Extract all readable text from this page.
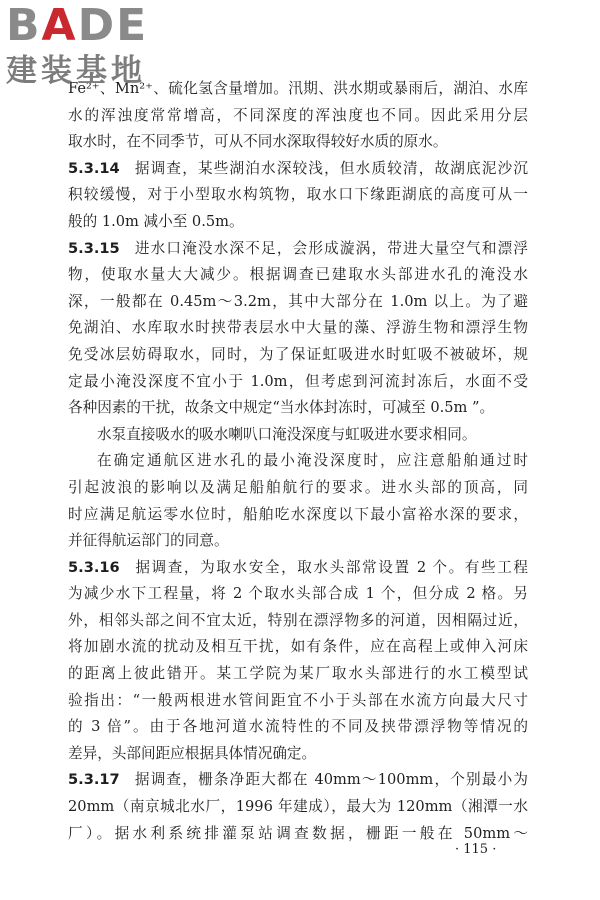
BADE
建装基地
Fe²⁺、Mn²⁺、硫化氢含量增加。汛期、洪水期或暴雨后，湖泊、水库
水的浑浊度常常增高，不同深度的浑浊度也不同。因此采用分层
取水时，在不同季节，可从不同水深取得较好水质的原水。
5.3.14 据调查，某些湖泊水深较浅，但水质较清，故湖底泥沙沉
积较缓慢，对于小型取水构筑物，取水口下缘距湖底的高度可从一
般的 1.0m 减小至 0.5m。
5.3.15 进水口淹没水深不足，会形成漩涡，带进大量空气和漂浮
物，使取水量大大减少。根据调查已建取水头部进水孔的淹没水
深，一般都在 0.45m～3.2m，其中大部分在 1.0m 以上。为了避
免湖泊、水库取水时挟带表层水中大量的藻、浮游生物和漂浮生物
免受冰层妨碍取水，同时，为了保证虹吸进水时虹吸不被破坏，规
定最小淹没深度不宜小于 1.0m，但考虑到河流封冻后，水面不受
各种因素的干扰，故条文中规定“当水体封冻时，可减至 0.5m ”。
水泵直接吸水的吸水喇叭口淹没深度与虹吸进水要求相同。
在确定通航区进水孔的最小淹没深度时，应注意船舶通过时
引起波浪的影响以及满足船舶航行的要求。进水头部的顶高，同
时应满足航运零水位时，船舶吃水深度以下最小富裕水深的要求，
并征得航运部门的同意。
5.3.16 据调查，为取水安全，取水头部常设置 2 个。有些工程
为减少水下工程量，将 2 个取水头部合成 1 个，但分成 2 格。另
外，相邻头部之间不宜太近，特别在漂浮物多的河道，因相隔过近，
将加剧水流的扰动及相互干扰，如有条件，应在高程上或伸入河床
的距离上彼此错开。某工学院为某厂取水头部进行的水工模型试
验指出：“一般两根进水管间距宜不小于头部在水流方向最大尺寸
的 3 倍”。由于各地河道水流特性的不同及挟带漂浮物等情况的
差异，头部间距应根据具体情况确定。
5.3.17 据调查，栅条净距大都在 40mm～100mm，个别最小为
20mm（南京城北水厂，1996 年建成），最大为 120mm（湘潭一水
厂）。据水利系统排灌泵站调查数据，栅距一般在 50mm～
· 115 ·
